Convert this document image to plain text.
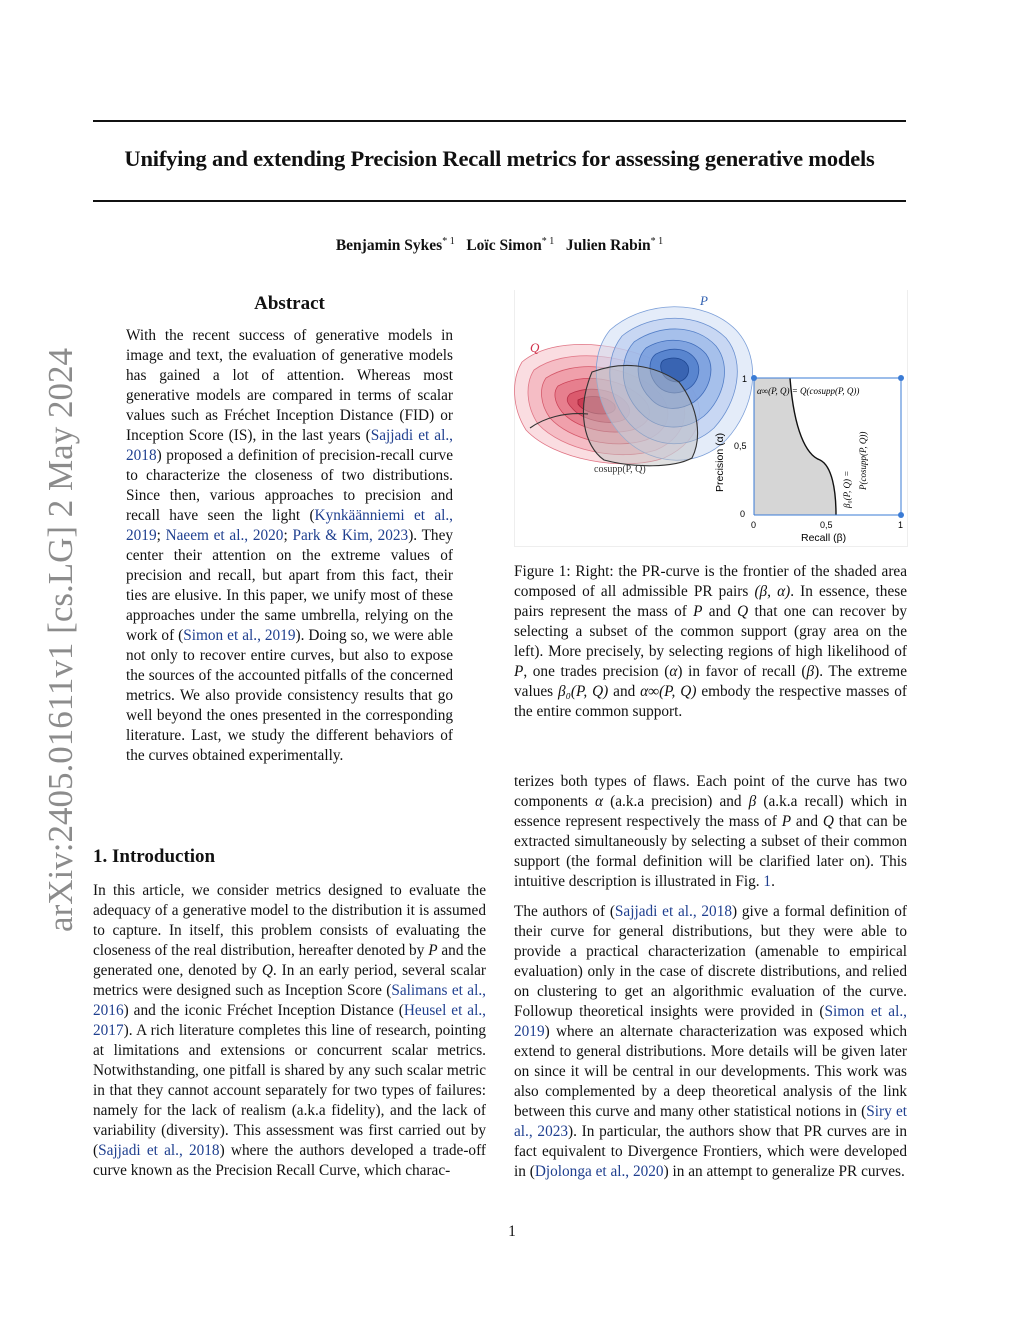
Unifying and extending Precision Recall metrics for assessing generative models
Benjamin Sykes$^{* 1}$ Loïc Simon$^{* 1}$ Julien Rabin$^{* 1}$
arXiv:2405.01611v1 [cs.LG] 2 May 2024
Abstract
With the recent success of generative models in image and text, the evaluation of generative models has gained a lot of attention. Whereas most generative models are compared in terms of scalar values such as Fréchet Inception Distance (FID) or Inception Score (IS), in the last years (Sajjadi et al., 2018) proposed a definition of precision-recall curve to characterize the closeness of two distributions. Since then, various approaches to precision and recall have seen the light (Kynkäänniemi et al., 2019; Naeem et al., 2020; Park & Kim, 2023). They center their attention on the extreme values of precision and recall, but apart from this fact, their ties are elusive. In this paper, we unify most of these approaches under the same umbrella, relying on the work of (Simon et al., 2019). Doing so, we were able not only to recover entire curves, but also to expose the sources of the accounted pitfalls of the concerned metrics. We also provide consistency results that go well beyond the ones presented in the corresponding literature. Last, we study the different behaviors of the curves obtained experimentally.
1. Introduction
In this article, we consider metrics designed to evaluate the adequacy of a generative model to the distribution it is assumed to capture. In itself, this problem consists of evaluating the closeness of the real distribution, hereafter denoted by P and the generated one, denoted by Q. In an early period, several scalar metrics were designed such as Inception Score (Salimans et al., 2016) and the iconic Fréchet Inception Distance (Heusel et al., 2017). A rich literature completes this line of research, pointing at limitations and extensions or concurrent scalar metrics. Notwithstanding, one pitfall is shared by any such scalar metric in that they cannot account separately for two types of failures: namely for the lack of realism (a.k.a fidelity), and the lack of variability (diversity). This assessment was first carried out by (Sajjadi et al., 2018) where the authors developed a trade-off curve known as the Precision Recall Curve, which charac-
P
Q
cosupp(P, Q)
1
0,5
0
0	0,5	1
Recall (β)
Precision (α)
α∞(P, Q) = Q(cosupp(P, Q))
β₀(P, Q) = P(cosupp(P, Q))
Figure 1: Right: the PR-curve is the frontier of the shaded area composed of all admissible PR pairs (β, α). In essence, these pairs represent the mass of P and Q that one can recover by selecting a subset of the common support (gray area on the left). More precisely, by selecting regions of high likelihood of P, one trades precision (α) in favor of recall (β). The extreme values β₀(P, Q) and α∞(P, Q) embody the respective masses of the entire common support.
terizes both types of flaws. Each point of the curve has two components α (a.k.a precision) and β (a.k.a recall) which in essence represent respectively the mass of P and Q that can be extracted simultaneously by selecting a subset of their common support (the formal definition will be clarified later on). This intuitive description is illustrated in Fig. 1.
The authors of (Sajjadi et al., 2018) give a formal definition of their curve for general distributions, but they were able to provide a practical characterization (amenable to empirical evaluation) only in the case of discrete distributions, and relied on clustering to get an algorithmic evaluation of the curve. Followup theoretical insights were provided in (Simon et al., 2019) where an alternate characterization was exposed which extend to general distributions. More details will be given later on since it will be central in our developments. This work was also complemented by a deep theoretical analysis of the link between this curve and many other statistical notions in (Siry et al., 2023). In particular, the authors show that PR curves are in fact equivalent to Divergence Frontiers, which were developed in (Djolonga et al., 2020) in an attempt to generalize PR curves.
1
